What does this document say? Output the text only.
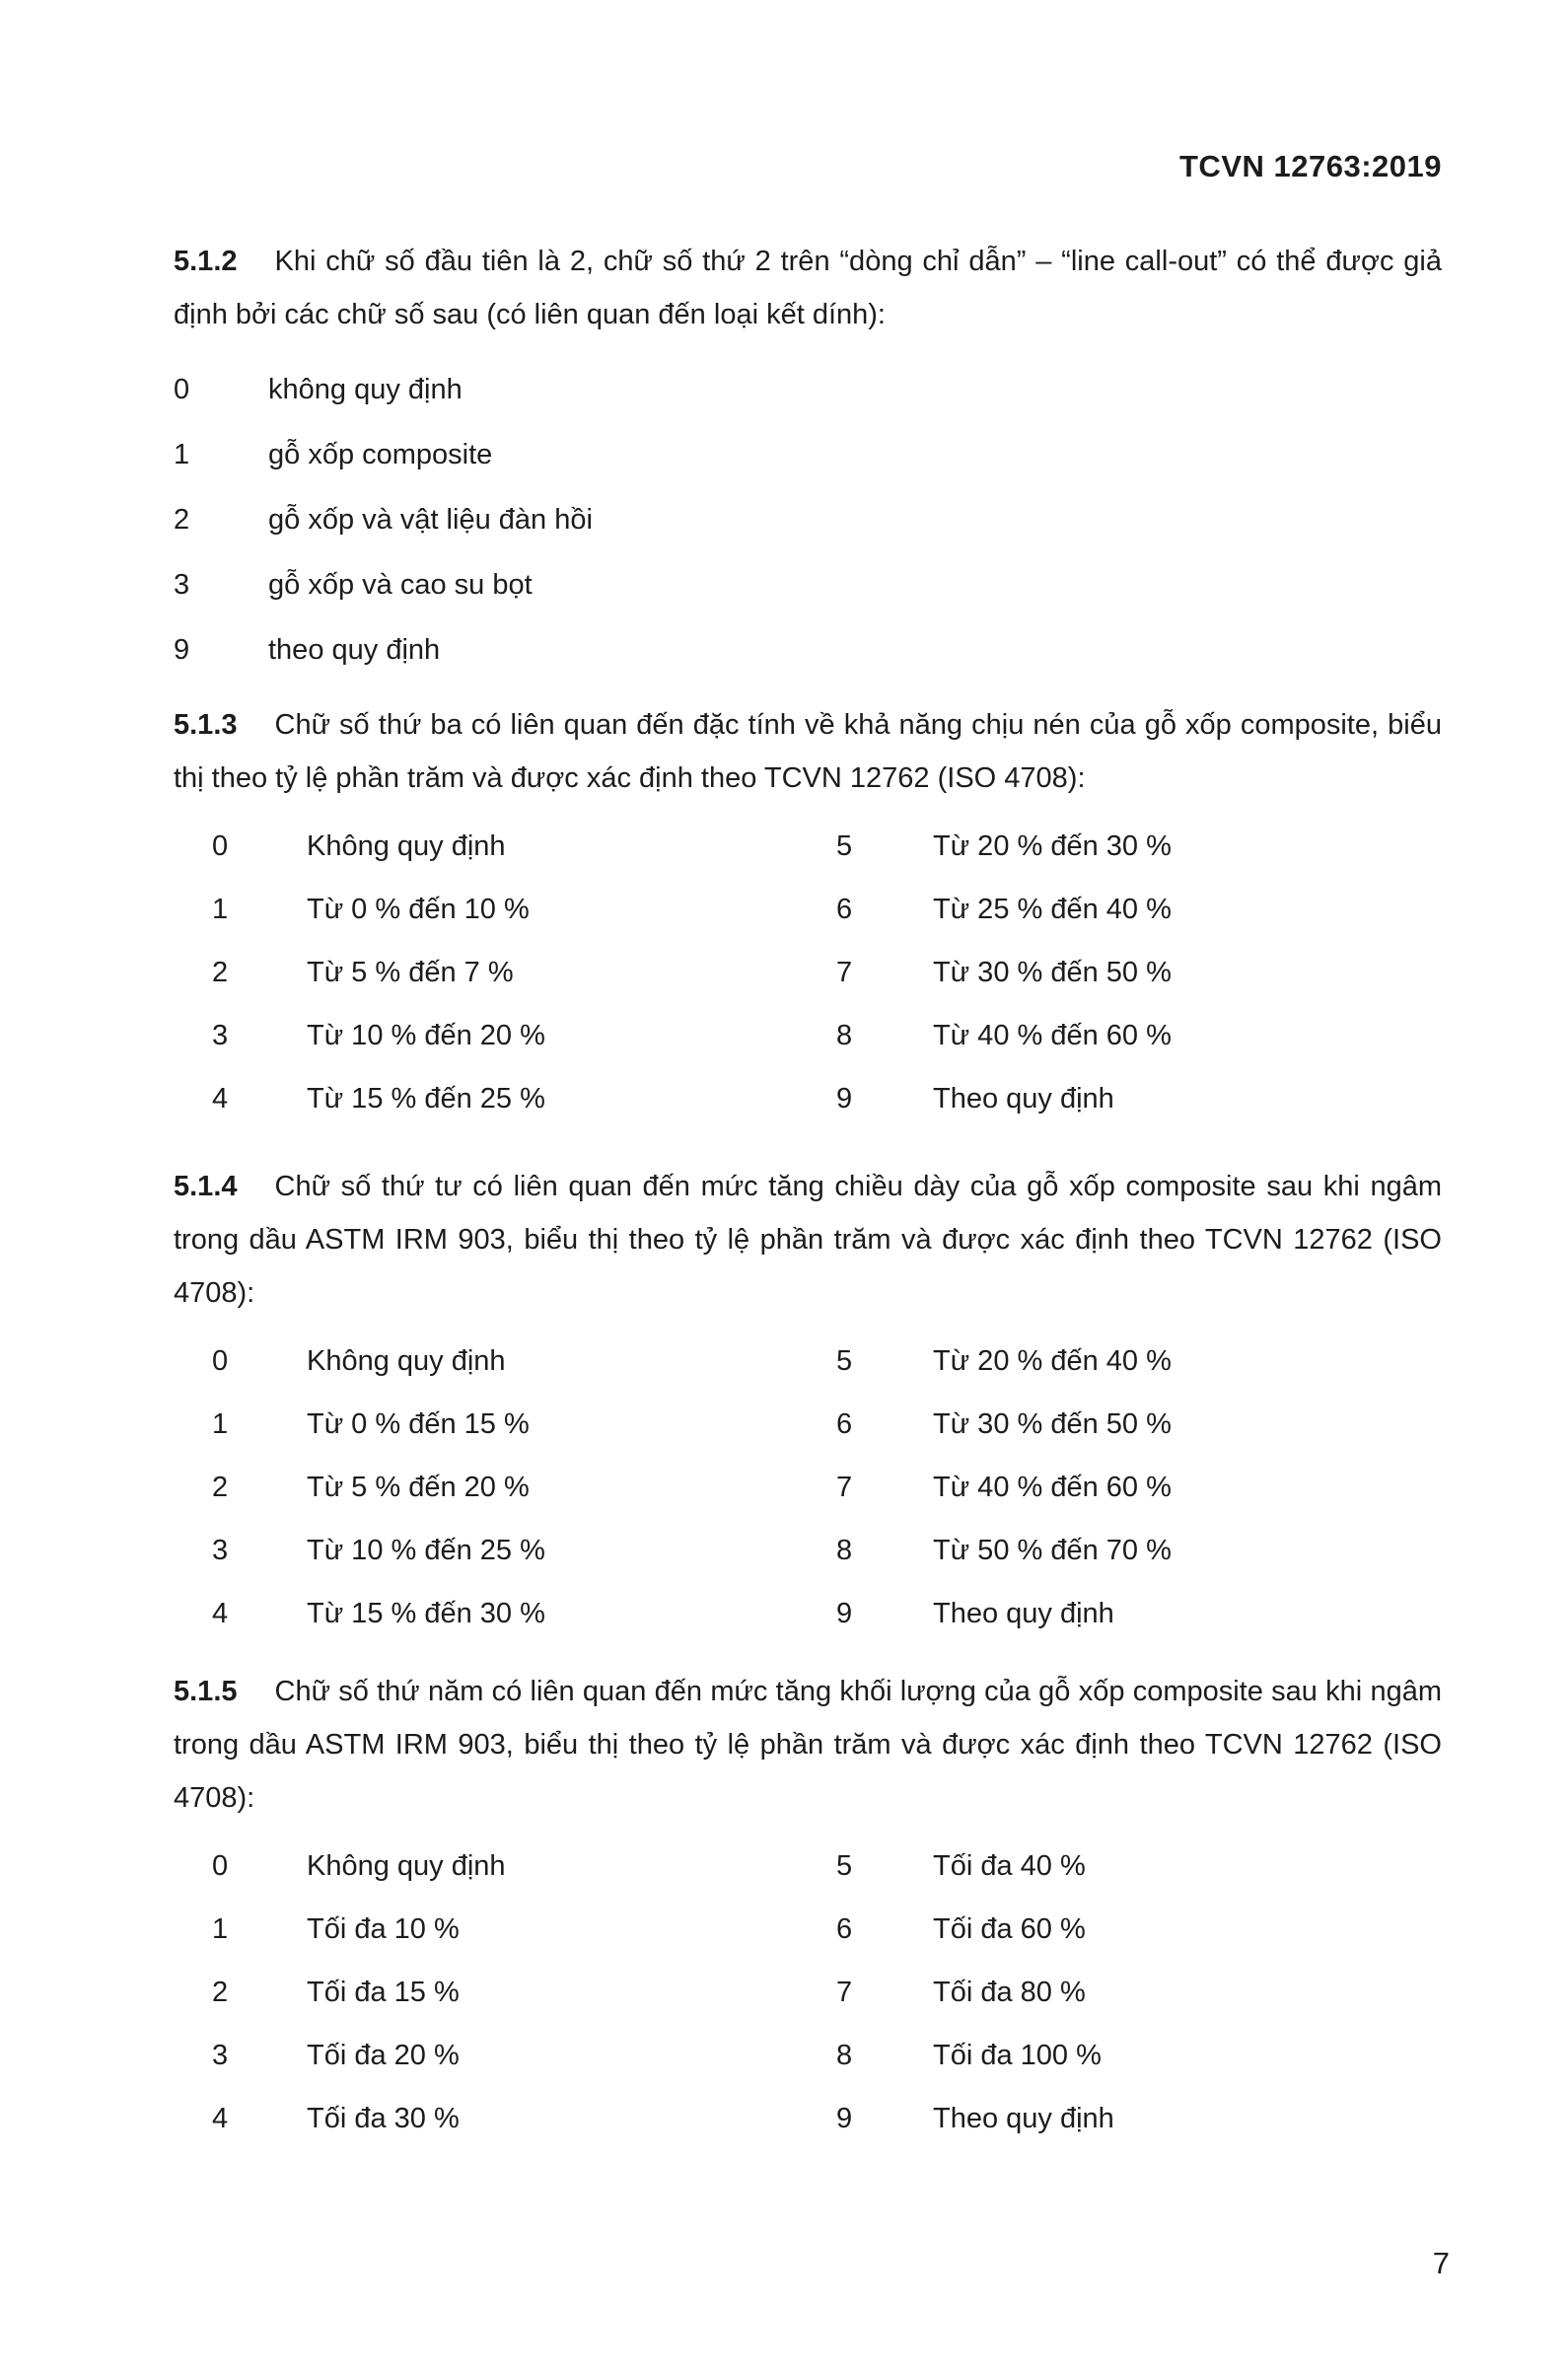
TCVN 12763:2019

5.1.2 Khi chữ số đầu tiên là 2, chữ số thứ 2 trên “dòng chỉ dẫn” – “line call-out” có thể được giả định bởi các chữ số sau (có liên quan đến loại kết dính):

0	không quy định
1	gỗ xốp composite
2	gỗ xốp và vật liệu đàn hồi
3	gỗ xốp và cao su bọt
9	theo quy định

5.1.3 Chữ số thứ ba có liên quan đến đặc tính về khả năng chịu nén của gỗ xốp composite, biểu thị theo tỷ lệ phần trăm và được xác định theo TCVN 12762 (ISO 4708):

0	Không quy định	5	Từ 20 % đến 30 %
1	Từ 0 % đến 10 %	6	Từ 25 % đến 40 %
2	Từ 5 % đến 7 %	7	Từ 30 % đến 50 %
3	Từ 10 % đến 20 %	8	Từ 40 % đến 60 %
4	Từ 15 % đến 25 %	9	Theo quy định

5.1.4 Chữ số thứ tư có liên quan đến mức tăng chiều dày của gỗ xốp composite sau khi ngâm trong dầu ASTM IRM 903, biểu thị theo tỷ lệ phần trăm và được xác định theo TCVN 12762 (ISO 4708):

0	Không quy định	5	Từ 20 % đến 40 %
1	Từ 0 % đến 15 %	6	Từ 30 % đến 50 %
2	Từ 5 % đến 20 %	7	Từ 40 % đến 60 %
3	Từ 10 % đến 25 %	8	Từ 50 % đến 70 %
4	Từ 15 % đến 30 %	9	Theo quy định

5.1.5 Chữ số thứ năm có liên quan đến mức tăng khối lượng của gỗ xốp composite sau khi ngâm trong dầu ASTM IRM 903, biểu thị theo tỷ lệ phần trăm và được xác định theo TCVN 12762 (ISO 4708):

0	Không quy định	5	Tối đa 40 %
1	Tối đa 10 %	6	Tối đa 60 %
2	Tối đa 15 %	7	Tối đa 80 %
3	Tối đa 20 %	8	Tối đa 100 %
4	Tối đa 30 %	9	Theo quy định
7
